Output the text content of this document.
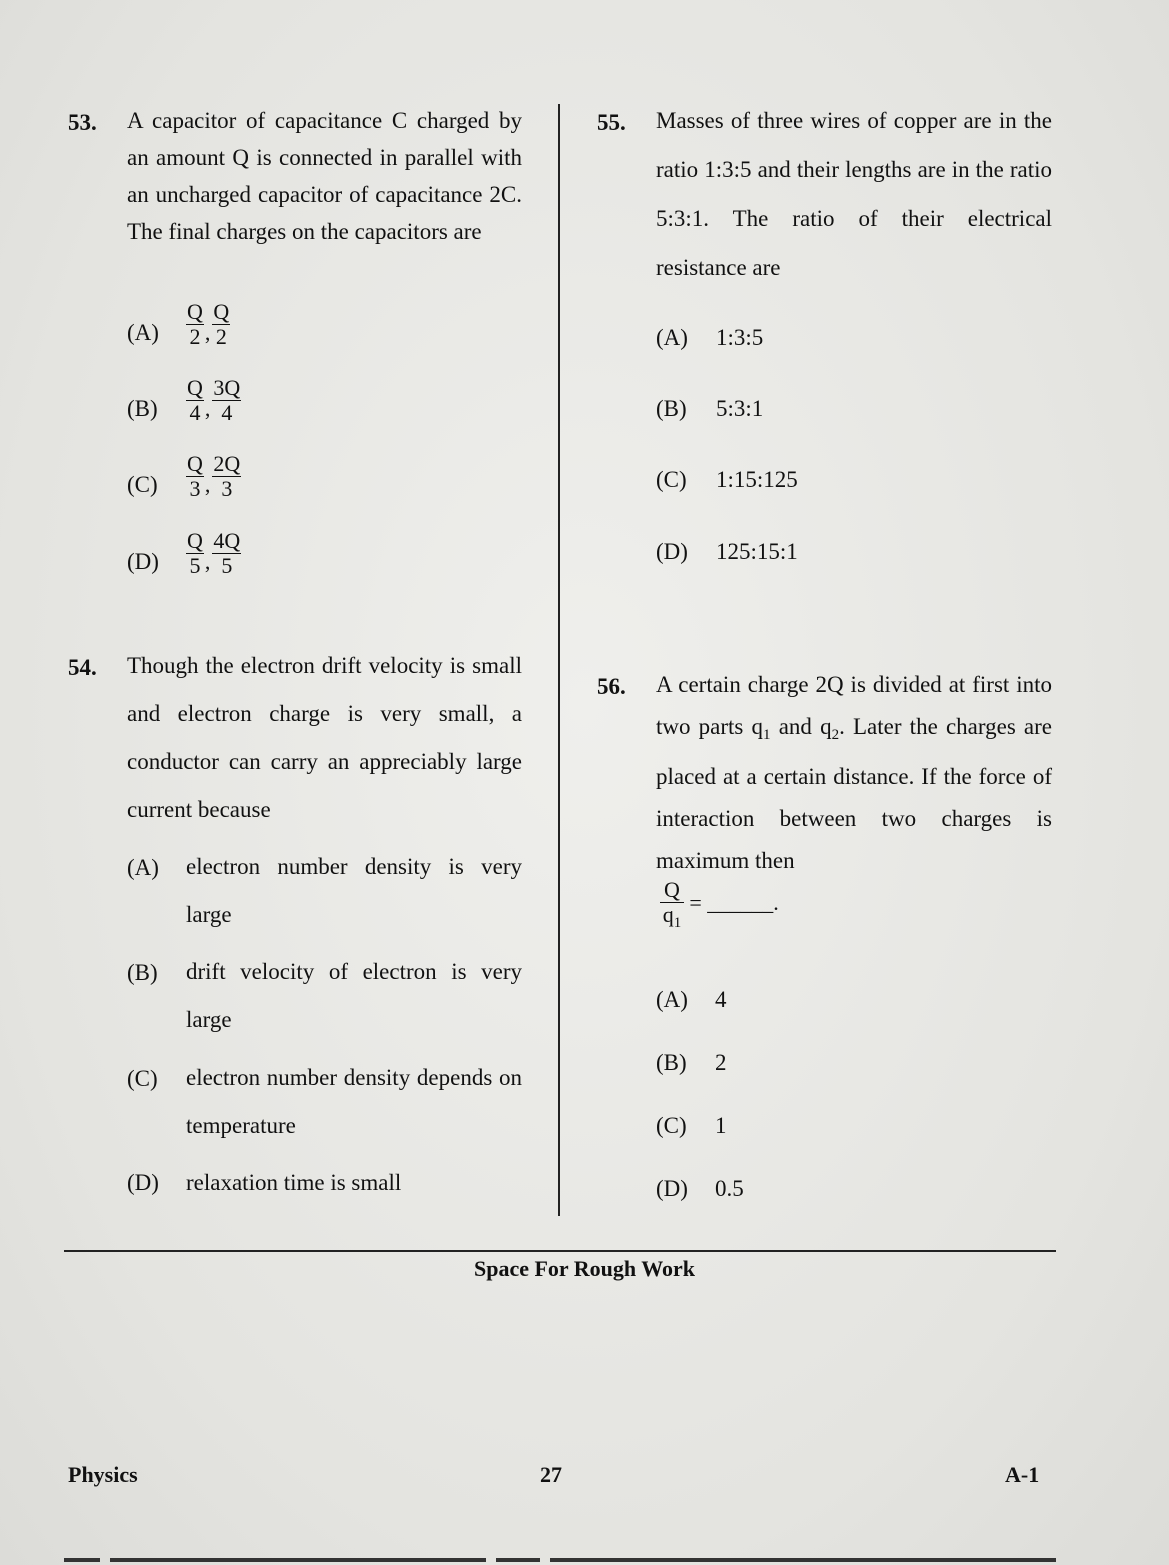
53. A capacitor of capacitance C charged by an amount Q is connected in parallel with an uncharged capacitor of capacitance 2C. The final charges on the capacitors are
$(A) \frac{Q}{2}$ , $\frac{Q}{2}$
$(B) \frac{Q}{4}$ , $\frac{3Q}{4}$
$(C) \frac{Q}{3}$ , $\frac{2Q}{3}$
$(D) \frac{Q}{5}$ , $\frac{4Q}{5}$
54. Though the electron drift velocity is small and electron charge is very small, a conductor can carry an appreciably large current because
(A) electron number density is very large
(B) drift velocity of electron is very large
(C) electron number density depends on temperature
(D) relaxation time is small
55. Masses of three wires of copper are in the ratio 1:3:5 and their lengths are in the ratio 5:3:1. The ratio of their electrical resistance are
(A) 1:3:5
(B) 5:3:1
(C) 1:15:125
(D) 125:15:1
56. A certain charge 2Q is divided at first into two parts $q_1$ and $q_2$. Later the charges are placed at a certain distance. If the force of interaction between two charges is maximum then
$\frac{Q}{q_1}$ = ______.
(A) 4
(B) 2
(C) 1
(D) 0.5
Space For Rough Work
Physics	27	A-1
